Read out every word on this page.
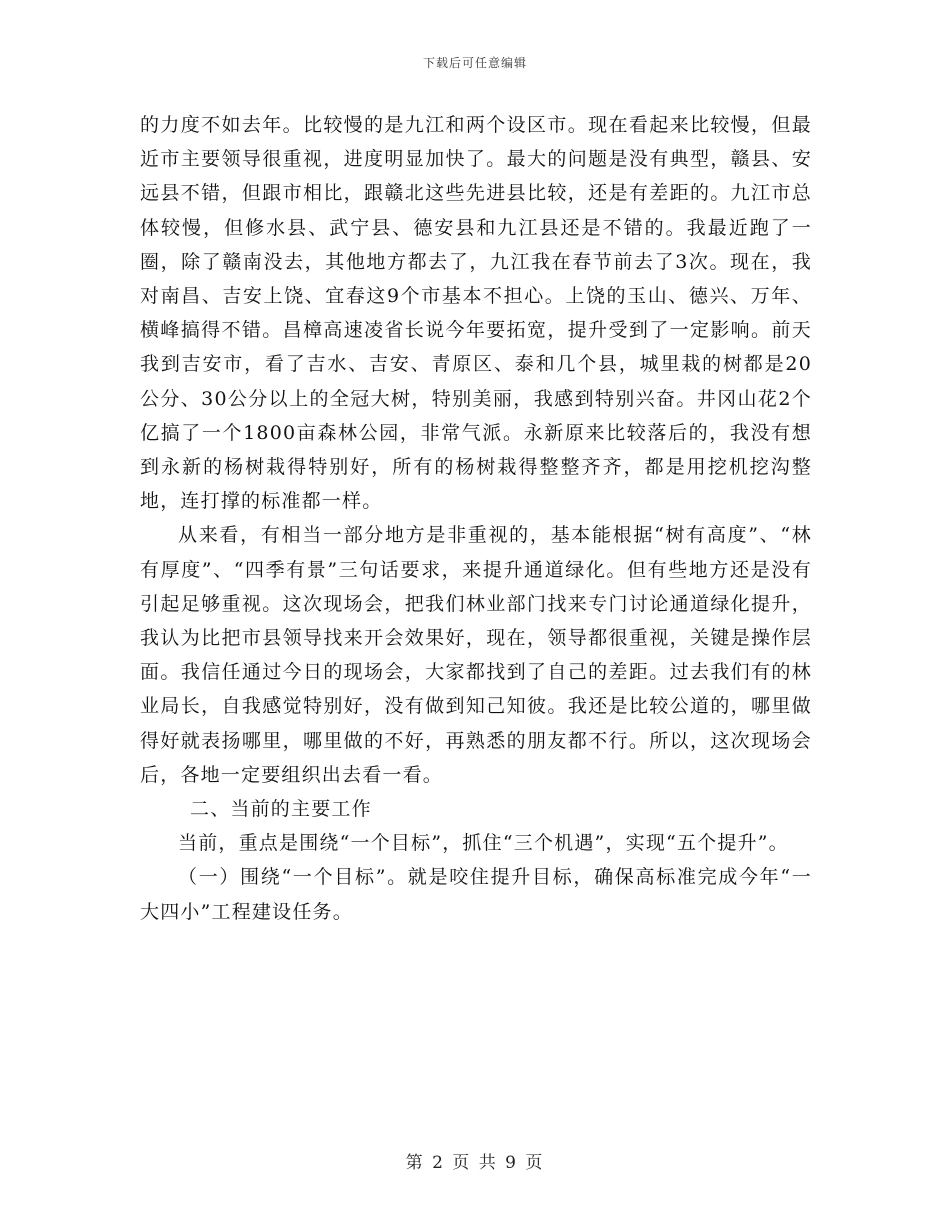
下载后可任意编辑

的力度不如去年。比较慢的是九江和两个设区市。现在看起来比较慢，但最近市主要领导很重视，进度明显加快了。最大的问题是没有典型，赣县、安远县不错，但跟市相比，跟赣北这些先进县比较，还是有差距的。九江市总体较慢，但修水县、武宁县、德安县和九江县还是不错的。我最近跑了一圈，除了赣南没去，其他地方都去了，九江我在春节前去了3次。现在，我对南昌、吉安上饶、宜春这9个市基本不担心。上饶的玉山、德兴、万年、横峰搞得不错。昌樟高速凌省长说今年要拓宽，提升受到了一定影响。前天我到吉安市，看了吉水、吉安、青原区、泰和几个县，城里栽的树都是20公分、30公分以上的全冠大树，特别美丽，我感到特别兴奋。井冈山花2个亿搞了一个1800亩森林公园，非常气派。永新原来比较落后的，我没有想到永新的杨树栽得特别好，所有的杨树栽得整整齐齐，都是用挖机挖沟整地，连打撑的标准都一样。

从来看，有相当一部分地方是非重视的，基本能根据“树有高度”、“林有厚度”、“四季有景”三句话要求，来提升通道绿化。但有些地方还是没有引起足够重视。这次现场会，把我们林业部门找来专门讨论通道绿化提升，我认为比把市县领导找来开会效果好，现在，领导都很重视，关键是操作层面。我信任通过今日的现场会，大家都找到了自己的差距。过去我们有的林业局长，自我感觉特别好，没有做到知己知彼。我还是比较公道的，哪里做得好就表扬哪里，哪里做的不好，再熟悉的朋友都不行。所以，这次现场会后，各地一定要组织出去看一看。

二、当前的主要工作

当前，重点是围绕“一个目标”，抓住“三个机遇”，实现“五个提升”。

（一）围绕“一个目标”。就是咬住提升目标，确保高标准完成今年“一大四小”工程建设任务。

第 2 页 共 9 页
